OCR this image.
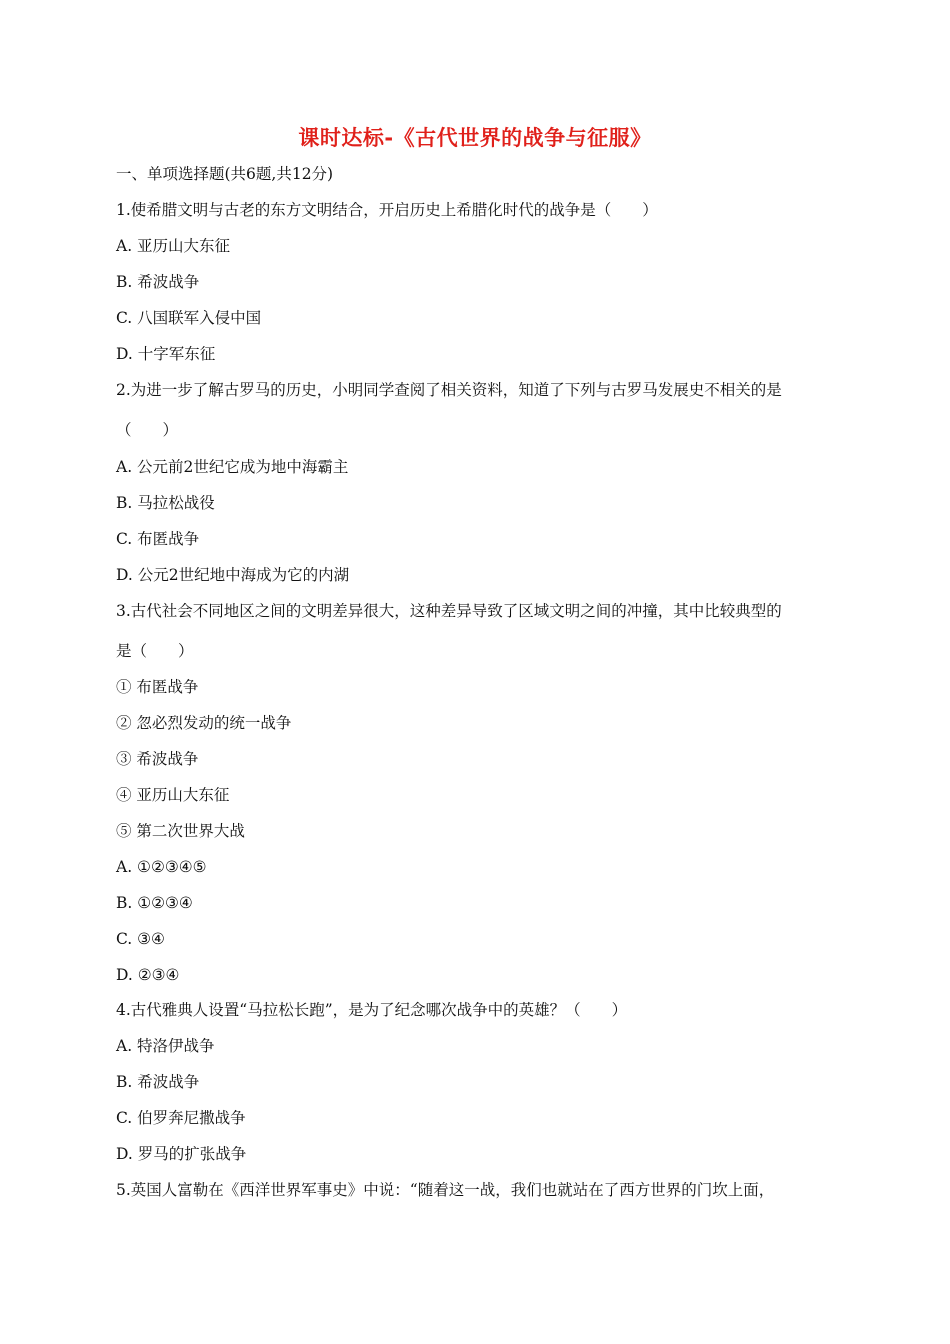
课时达标-《古代世界的战争与征服》
一、单项选择题(共6题,共12分)
1.使希腊文明与古老的东方文明结合，开启历史上希腊化时代的战争是（　　）
A. 亚历山大东征
B. 希波战争
C. 八国联军入侵中国
D. 十字军东征
2.为进一步了解古罗马的历史，小明同学查阅了相关资料，知道了下列与古罗马发展史不相关的是
（　　）
A. 公元前2世纪它成为地中海霸主
B. 马拉松战役
C. 布匿战争
D. 公元2世纪地中海成为它的内湖
3.古代社会不同地区之间的文明差异很大，这种差异导致了区域文明之间的冲撞，其中比较典型的
是（　　）
① 布匿战争
② 忽必烈发动的统一战争
③ 希波战争
④ 亚历山大东征
⑤ 第二次世界大战
A. ①②③④⑤
B. ①②③④
C. ③④
D. ②③④
4.古代雅典人设置“马拉松长跑”，是为了纪念哪次战争中的英雄？（　　）
A. 特洛伊战争
B. 希波战争
C. 伯罗奔尼撒战争
D. 罗马的扩张战争
5.英国人富勒在《西洋世界军事史》中说：“随着这一战，我们也就站在了西方世界的门坎上面，
